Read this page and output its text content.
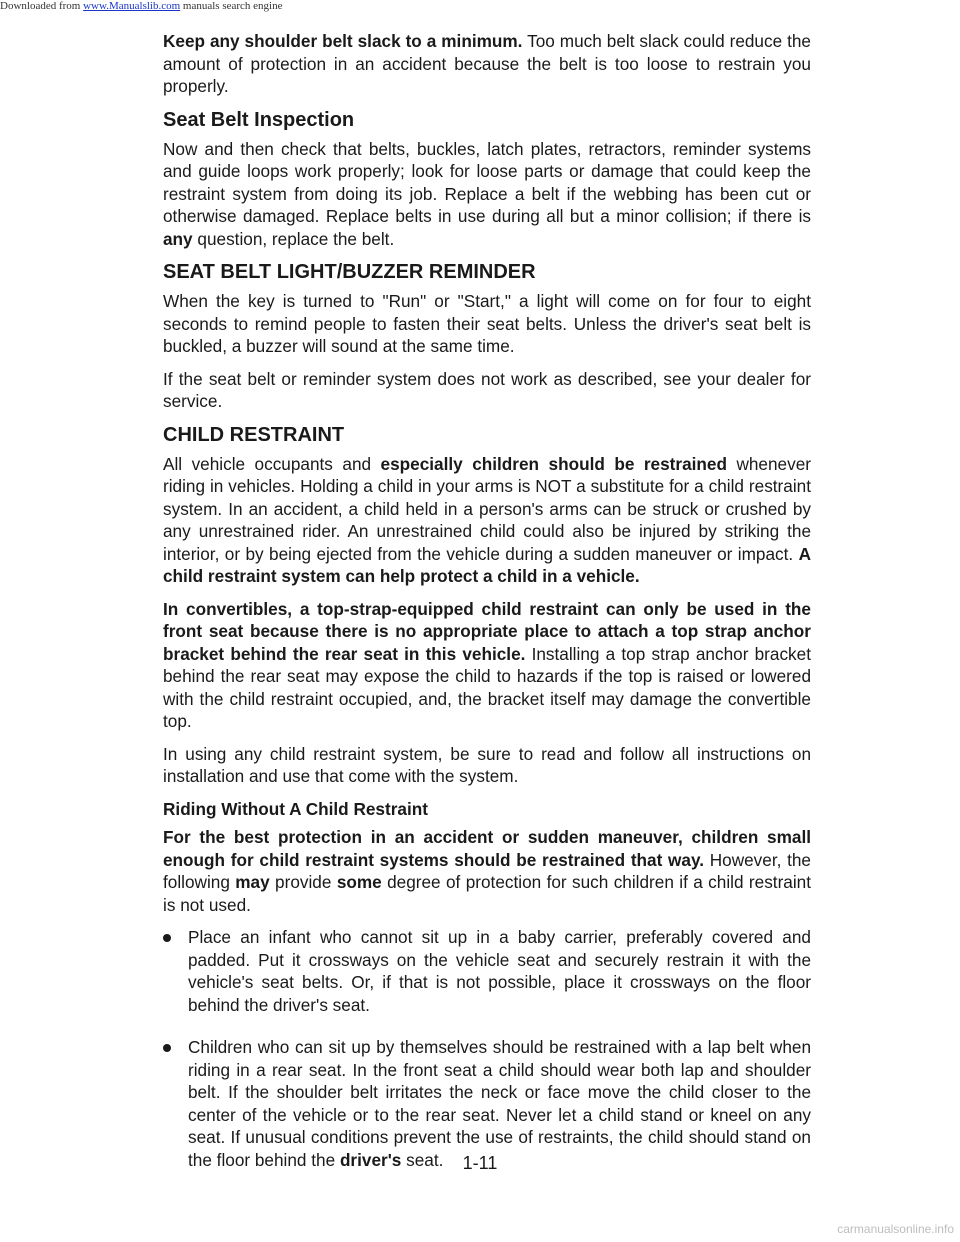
Downloaded from www.Manualslib.com manuals search engine

Keep any shoulder belt slack to a minimum. Too much belt slack could reduce the amount of protection in an accident because the belt is too loose to restrain you properly.

Seat Belt Inspection

Now and then check that belts, buckles, latch plates, retractors, reminder systems and guide loops work properly; look for loose parts or damage that could keep the restraint system from doing its job. Replace a belt if the webbing has been cut or otherwise damaged. Replace belts in use during all but a minor collision; if there is any question, replace the belt.

SEAT BELT LIGHT/BUZZER REMINDER

When the key is turned to "Run" or "Start," a light will come on for four to eight seconds to remind people to fasten their seat belts. Unless the driver's seat belt is buckled, a buzzer will sound at the same time.

If the seat belt or reminder system does not work as described, see your dealer for service.

CHILD RESTRAINT

All vehicle occupants and especially children should be restrained whenever riding in vehicles. Holding a child in your arms is NOT a substitute for a child restraint system. In an accident, a child held in a person's arms can be struck or crushed by any unrestrained rider. An unrestrained child could also be injured by striking the interior, or by being ejected from the vehicle during a sudden maneuver or impact. A child restraint system can help protect a child in a vehicle.

In convertibles, a top-strap-equipped child restraint can only be used in the front seat because there is no appropriate place to attach a top strap anchor bracket behind the rear seat in this vehicle. Installing a top strap anchor bracket behind the rear seat may expose the child to hazards if the top is raised or lowered with the child restraint occupied, and, the bracket itself may damage the convertible top.

In using any child restraint system, be sure to read and follow all instructions on installation and use that come with the system.

Riding Without A Child Restraint

For the best protection in an accident or sudden maneuver, children small enough for child restraint systems should be restrained that way. However, the following may provide some degree of protection for such children if a child restraint is not used.

Place an infant who cannot sit up in a baby carrier, preferably covered and padded. Put it crossways on the vehicle seat and securely restrain it with the vehicle's seat belts. Or, if that is not possible, place it crossways on the floor behind the driver's seat.
Children who can sit up by themselves should be restrained with a lap belt when riding in a rear seat. In the front seat a child should wear both lap and shoulder belt. If the shoulder belt irritates the neck or face move the child closer to the center of the vehicle or to the rear seat. Never let a child stand or kneel on any seat. If unusual conditions prevent the use of restraints, the child should stand on the floor behind the driver's seat.	1-11
carmanualsonline.info
